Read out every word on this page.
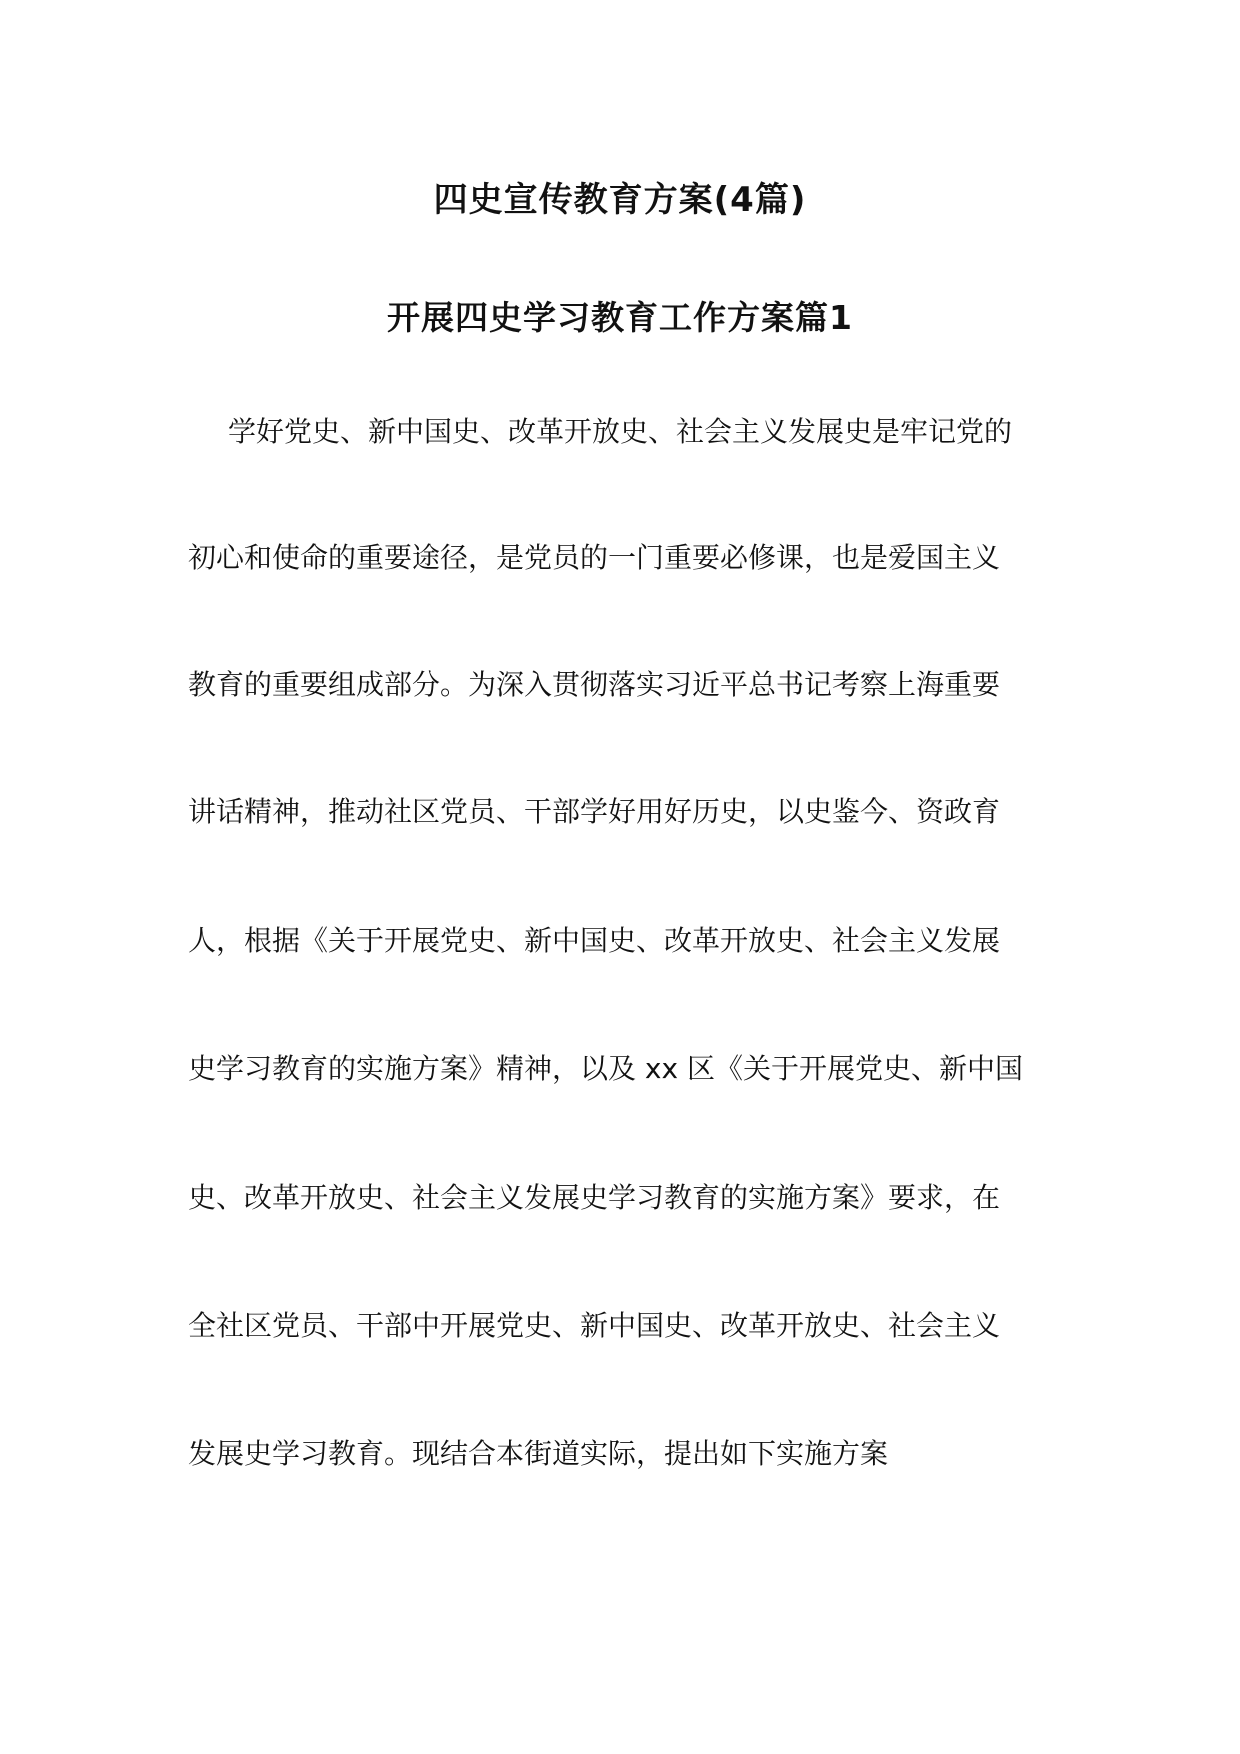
四史宣传教育方案(4篇)
开展四史学习教育工作方案篇1
学好党史、新中国史、改革开放史、社会主义发展史是牢记党的
初心和使命的重要途径，是党员的一门重要必修课，也是爱国主义
教育的重要组成部分。为深入贯彻落实习近平总书记考察上海重要
讲话精神，推动社区党员、干部学好用好历史，以史鉴今、资政育
人，根据《关于开展党史、新中国史、改革开放史、社会主义发展
史学习教育的实施方案》精神，以及 xx 区《关于开展党史、新中国
史、改革开放史、社会主义发展史学习教育的实施方案》要求，在
全社区党员、干部中开展党史、新中国史、改革开放史、社会主义
发展史学习教育。现结合本街道实际，提出如下实施方案
